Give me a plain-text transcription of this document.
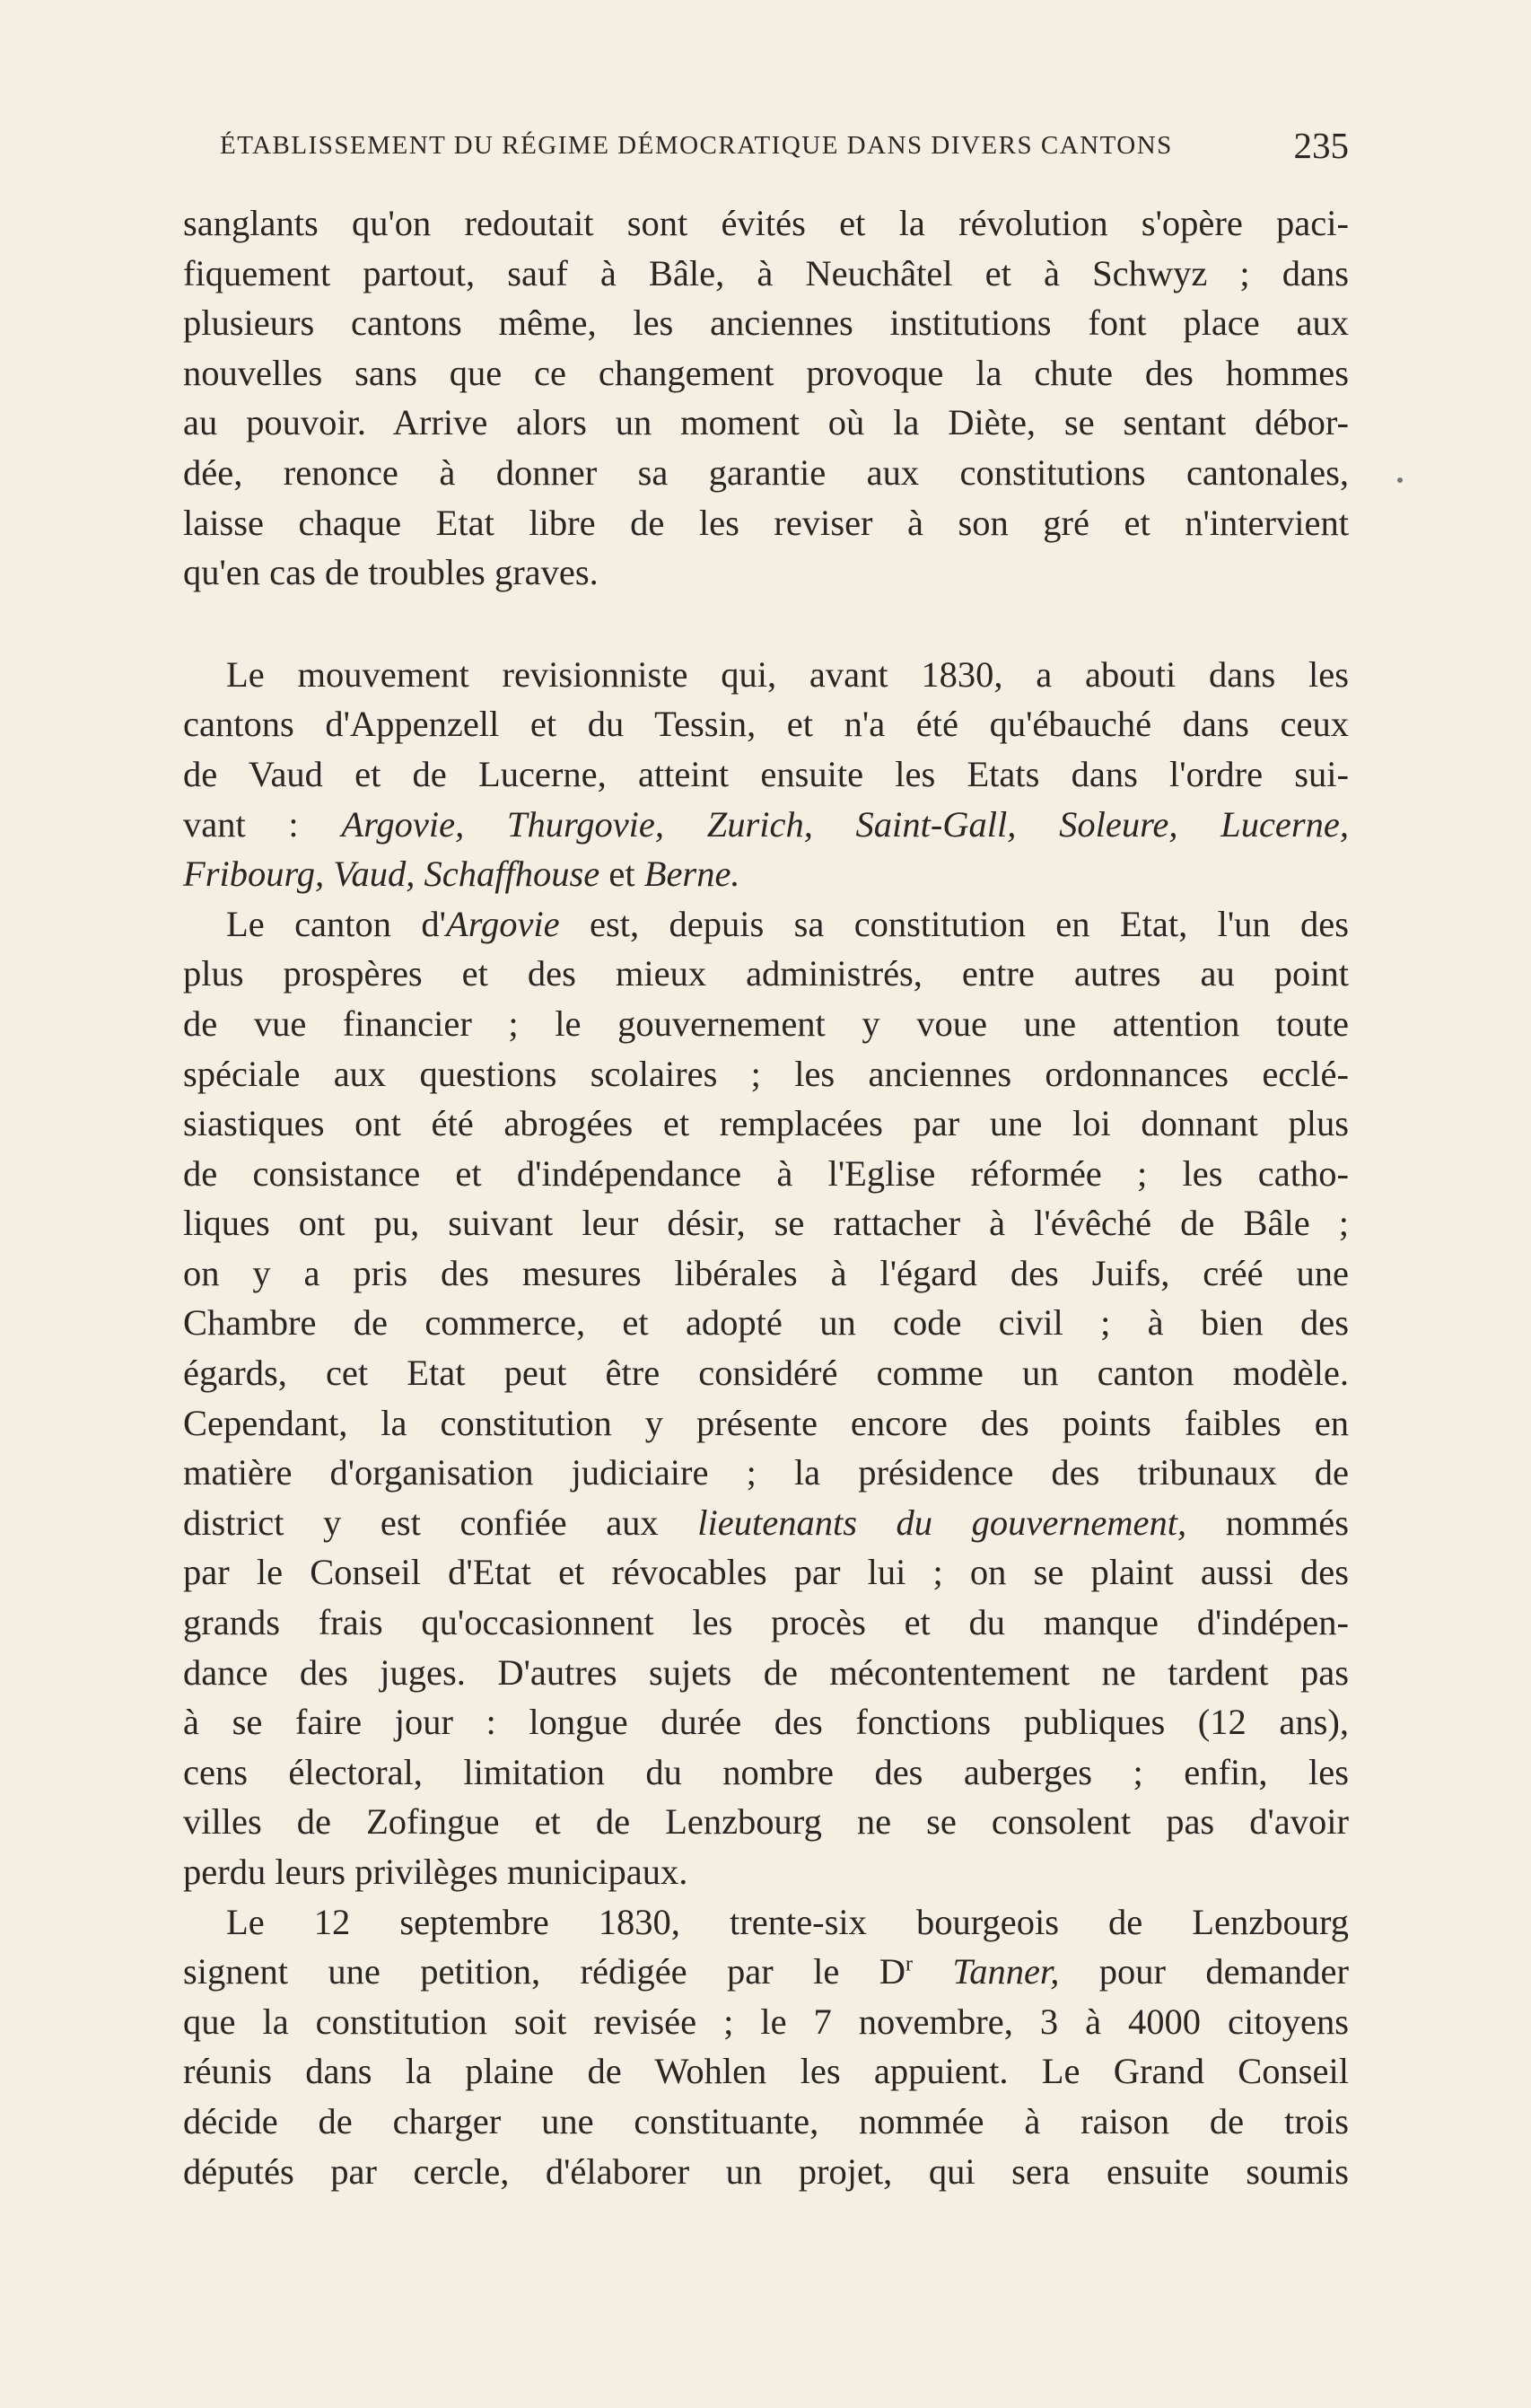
ÉTABLISSEMENT DU RÉGIME DÉMOCRATIQUE DANS DIVERS CANTONS	235

sanglants qu'on redoutait sont évités et la révolution s'opère paci-
fiquement partout, sauf à Bâle, à Neuchâtel et à Schwyz ; dans
plusieurs cantons même, les anciennes institutions font place aux
nouvelles sans que ce changement provoque la chute des hommes
au pouvoir. Arrive alors un moment où la Diète, se sentant débor-
dée, renonce à donner sa garantie aux constitutions cantonales,
laisse chaque Etat libre de les reviser à son gré et n'intervient
qu'en cas de troubles graves.

Le mouvement revisionniste qui, avant 1830, a abouti dans les
cantons d'Appenzell et du Tessin, et n'a été qu'ébauché dans ceux
de Vaud et de Lucerne, atteint ensuite les Etats dans l'ordre sui-
vant : Argovie, Thurgovie, Zurich, Saint-Gall, Soleure, Lucerne,
Fribourg, Vaud, Schaffhouse et Berne.

Le canton d'Argovie est, depuis sa constitution en Etat, l'un des
plus prospères et des mieux administrés, entre autres au point
de vue financier ; le gouvernement y voue une attention toute
spéciale aux questions scolaires ; les anciennes ordonnances ecclé-
siastiques ont été abrogées et remplacées par une loi donnant plus
de consistance et d'indépendance à l'Eglise réformée ; les catho-
liques ont pu, suivant leur désir, se rattacher à l'évêché de Bâle ;
on y a pris des mesures libérales à l'égard des Juifs, créé une
Chambre de commerce, et adopté un code civil ; à bien des
égards, cet Etat peut être considéré comme un canton modèle.
Cependant, la constitution y présente encore des points faibles en
matière d'organisation judiciaire ; la présidence des tribunaux de
district y est confiée aux lieutenants du gouvernement, nommés
par le Conseil d'Etat et révocables par lui ; on se plaint aussi des
grands frais qu'occasionnent les procès et du manque d'indépen-
dance des juges. D'autres sujets de mécontentement ne tardent pas
à se faire jour : longue durée des fonctions publiques (12 ans),
cens électoral, limitation du nombre des auberges ; enfin, les
villes de Zofingue et de Lenzbourg ne se consolent pas d'avoir
perdu leurs privilèges municipaux.

Le 12 septembre 1830, trente-six bourgeois de Lenzbourg
signent une petition, rédigée par le $D^r$ Tanner, pour demander
que la constitution soit revisée ; le 7 novembre, 3 à 4000 citoyens
réunis dans la plaine de Wohlen les appuient. Le Grand Conseil
décide de charger une constituante, nommée à raison de trois
députés par cercle, d'élaborer un projet, qui sera ensuite soumis
